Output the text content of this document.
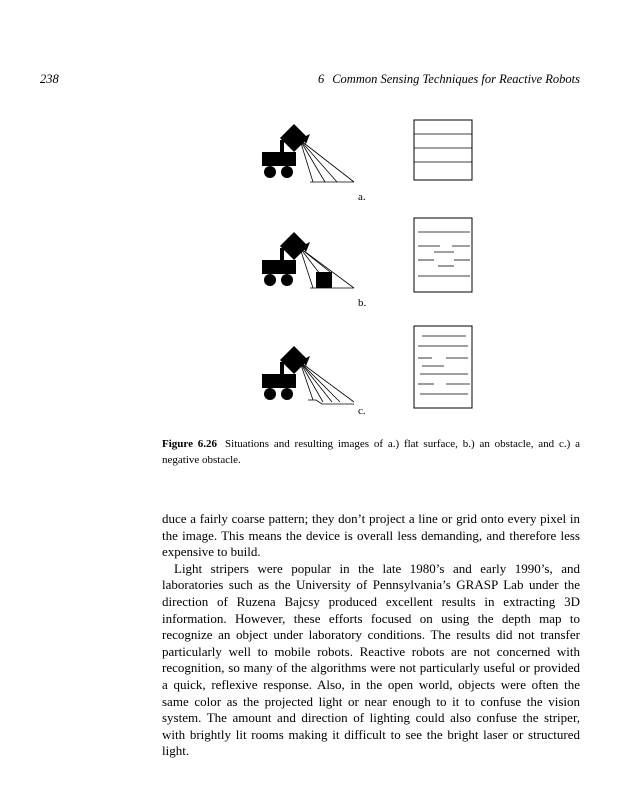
238	6 Common Sensing Techniques for Reactive Robots
a.
b.
c.
Figure 6.26 Situations and resulting images of a.) flat surface, b.) an obstacle, and c.) a negative obstacle.

duce a fairly coarse pattern; they don’t project a line or grid onto every pixel in the image. This means the device is overall less demanding, and therefore less expensive to build.

Light stripers were popular in the late 1980’s and early 1990’s, and laboratories such as the University of Pennsylvania’s GRASP Lab under the direction of Ruzena Bajcsy produced excellent results in extracting 3D information. However, these efforts focused on using the depth map to recognize an object under laboratory conditions. The results did not transfer particularly well to mobile robots. Reactive robots are not concerned with recognition, so many of the algorithms were not particularly useful or provided a quick, reflexive response. Also, in the open world, objects were often the same color as the projected light or near enough to it to confuse the vision system. The amount and direction of lighting could also confuse the striper, with brightly lit rooms making it difficult to see the bright laser or structured light.
